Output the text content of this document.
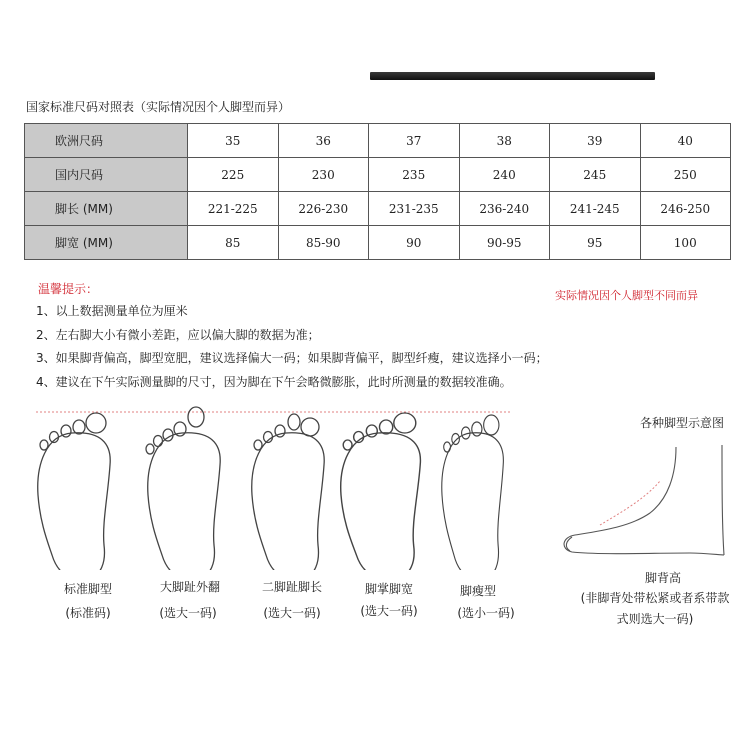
国家标准尺码对照表（实际情况因个人脚型而异）
欧洲尺码	35	36	37	38	39	40
国内尺码	225	230	235	240	245	250
脚长 (MM)	221-225	226-230	231-235	236-240	241-245	246-250
脚宽 (MM)	85	85-90	90	90-95	95	100
温馨提示：	实际情况因个人脚型不同而异
1、以上数据测量单位为厘米
2、左右脚大小有微小差距，应以偏大脚的数据为准；
3、如果脚背偏高，脚型宽肥，建议选择偏大一码；如果脚背偏平，脚型纤瘦，建议选择小一码；
4、建议在下午实际测量脚的尺寸，因为脚在下午会略微膨胀，此时所测量的数据较准确。
标准脚型
(标准码)
大脚趾外翻
(选大一码)
二脚趾脚长
(选大一码)
脚掌脚宽
(选大一码)
脚瘦型
(选小一码)
各种脚型示意图
脚背高
(非脚背处带松紧或者系带款式则选大一码)
